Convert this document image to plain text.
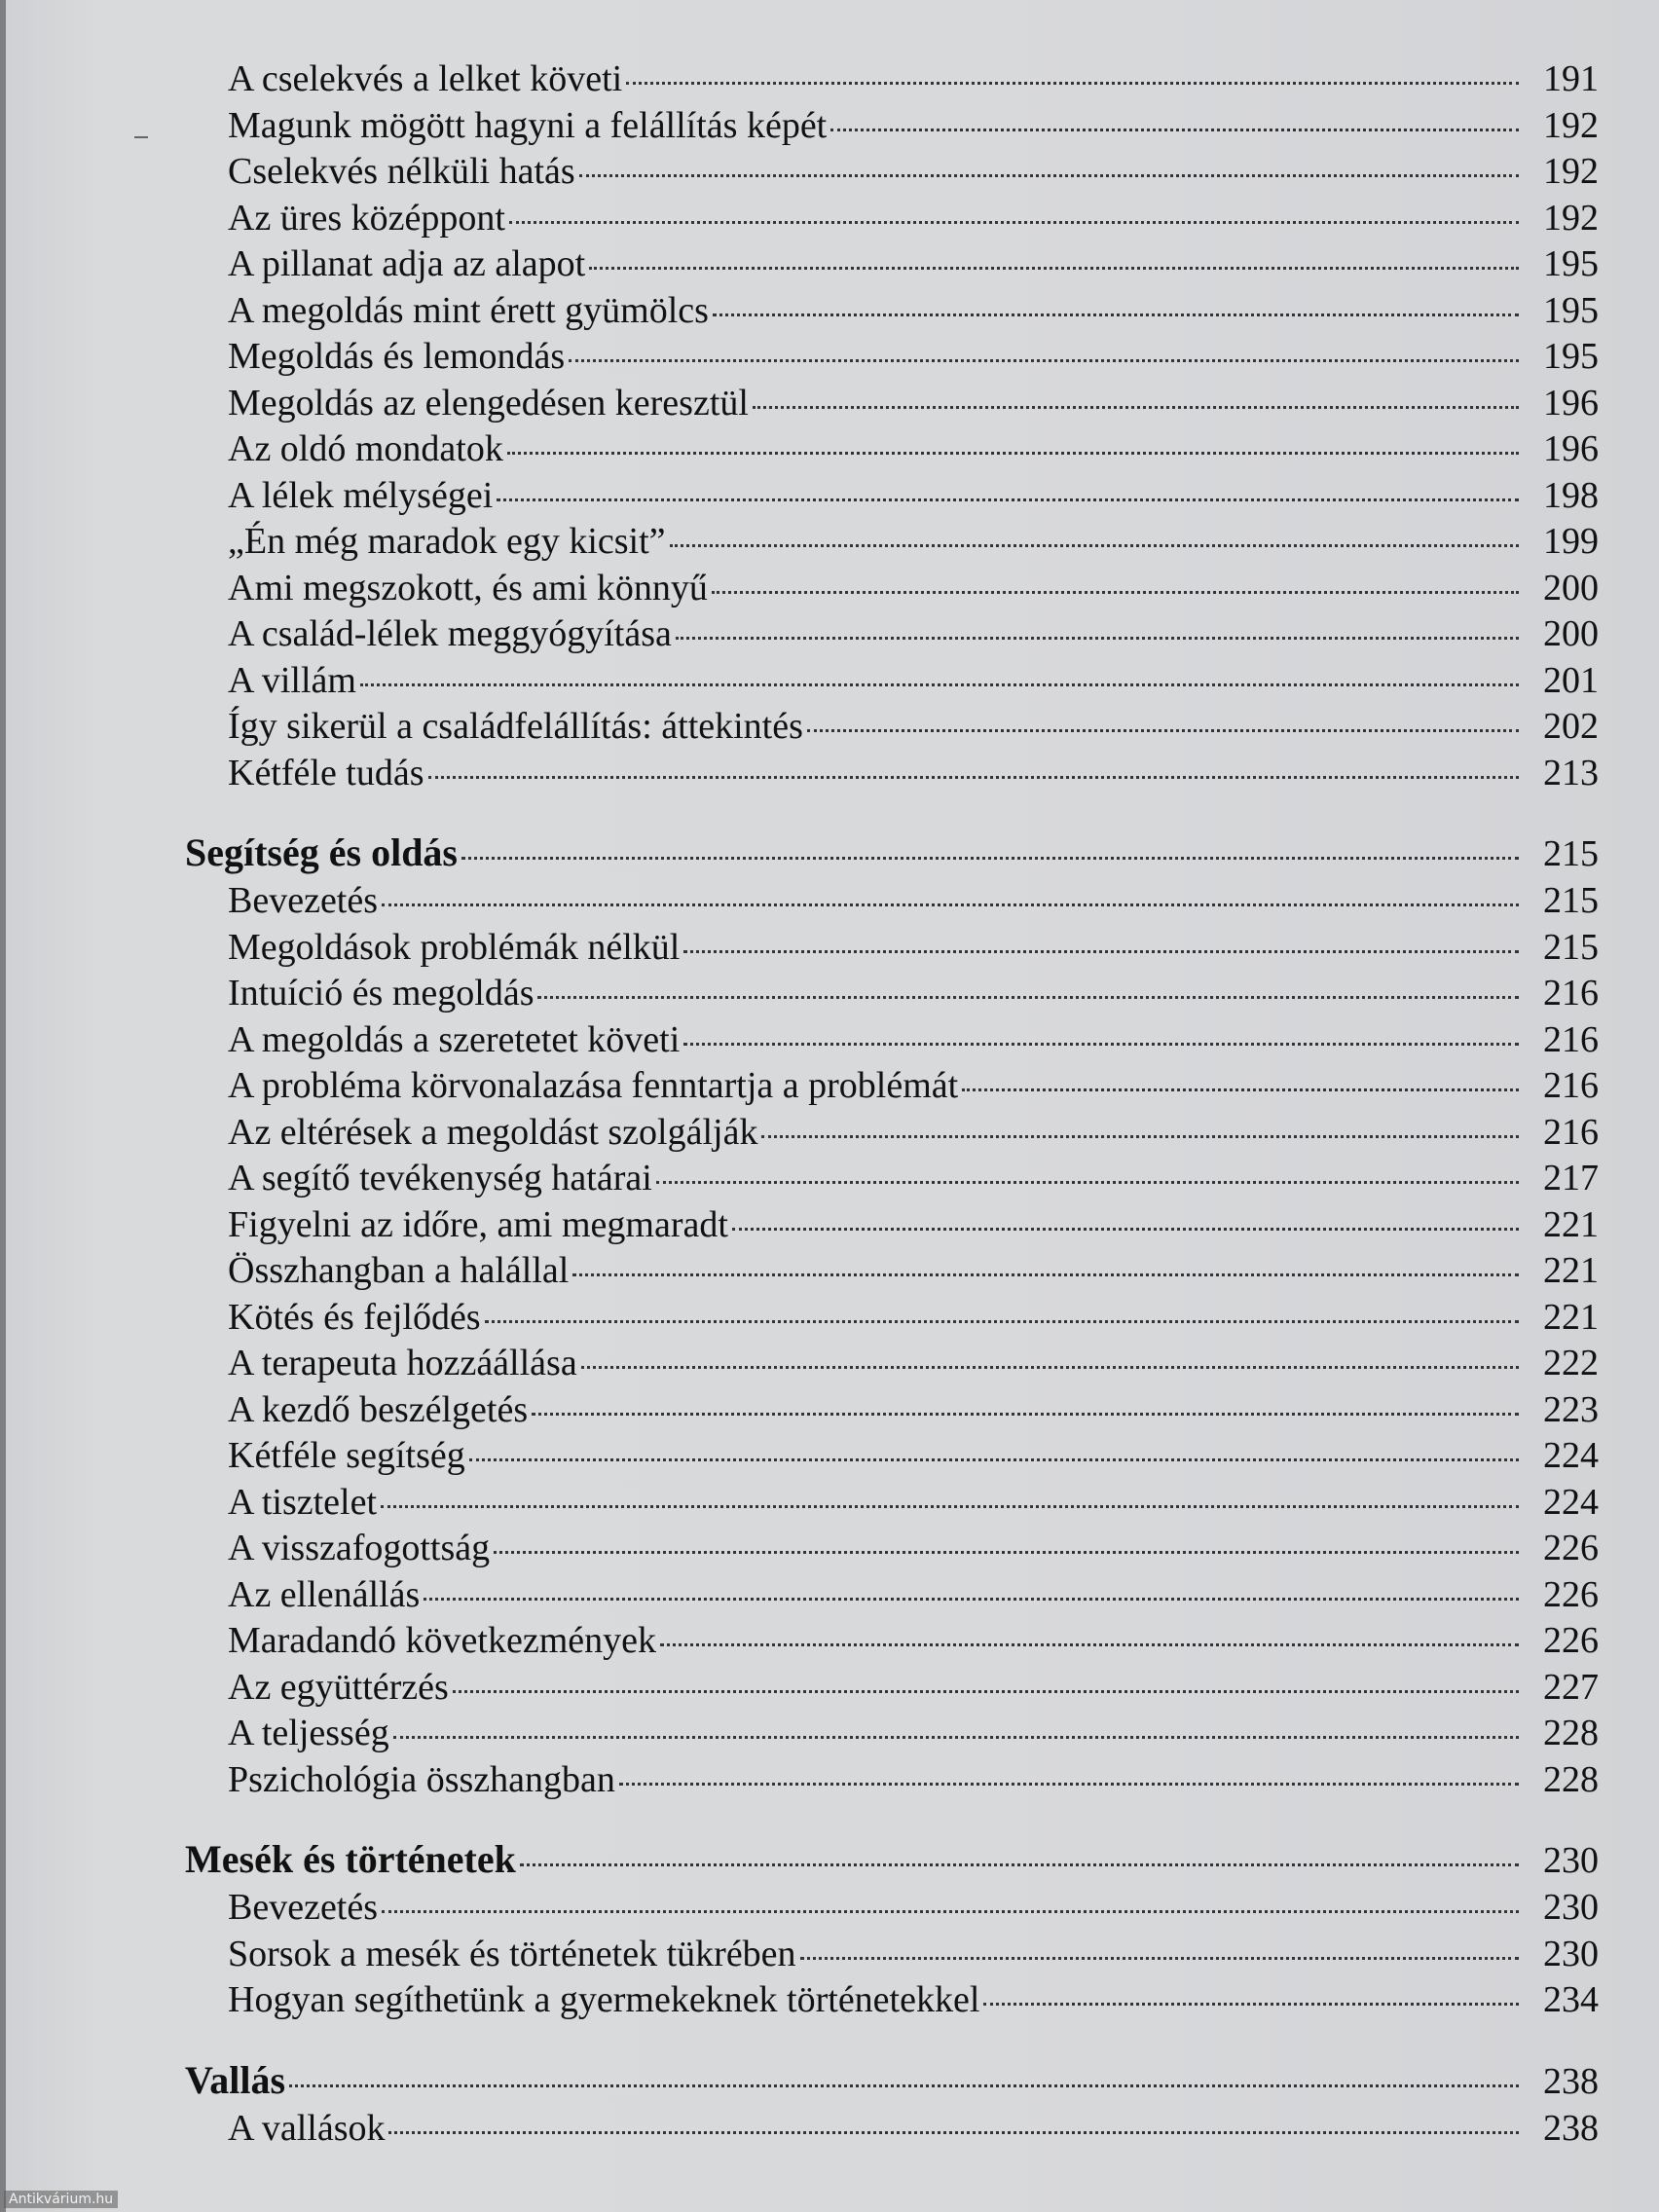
A cselekvés a lelket követi	191
Magunk mögött hagyni a felállítás képét	192
Cselekvés nélküli hatás	192
Az üres középpont	192
A pillanat adja az alapot	195
A megoldás mint érett gyümölcs	195
Megoldás és lemondás	195
Megoldás az elengedésen keresztül	196
Az oldó mondatok	196
A lélek mélységei	198
„Én még maradok egy kicsit”	199
Ami megszokott, és ami könnyű	200
A család-lélek meggyógyítása	200
A villám	201
Így sikerül a családfelállítás: áttekintés	202
Kétféle tudás	213
Segítség és oldás	215
Bevezetés	215
Megoldások problémák nélkül	215
Intuíció és megoldás	216
A megoldás a szeretetet követi	216
A probléma körvonalazása fenntartja a problémát	216
Az eltérések a megoldást szolgálják	216
A segítő tevékenység határai	217
Figyelni az időre, ami megmaradt	221
Összhangban a halállal	221
Kötés és fejlődés	221
A terapeuta hozzáállása	222
A kezdő beszélgetés	223
Kétféle segítség	224
A tisztelet	224
A visszafogottság	226
Az ellenállás	226
Maradandó következmények	226
Az együttérzés	227
A teljesség	228
Pszichológia összhangban	228
Mesék és történetek	230
Bevezetés	230
Sorsok a mesék és történetek tükrében	230
Hogyan segíthetünk a gyermekeknek történetekkel	234
Vallás	238
A vallások	238
Antikvárium.hu
